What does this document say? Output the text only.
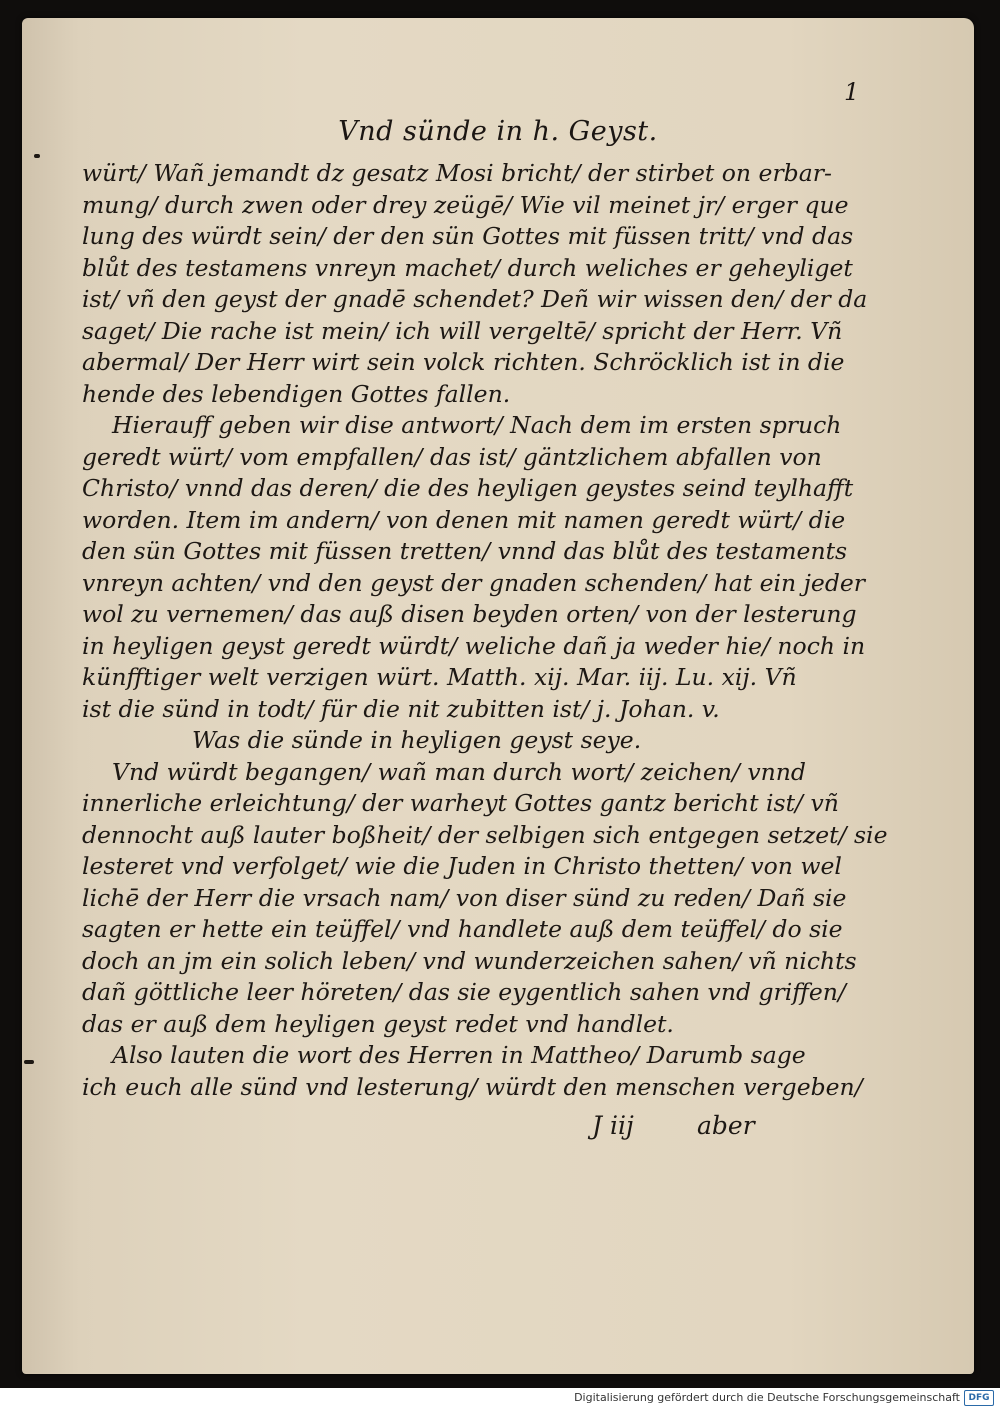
1
Vnd sünde in h. Geyst.
würt/ Wañ jemandt dz gesatz Mosi bricht/ der stirbet on erbar-
mung/ durch zwen oder drey zeügē/ Wie vil meinet jr/ erger que
lung des würdt sein/ der den sün Gottes mit füssen tritt/ vnd das
blůt des testamens vnreyn machet/ durch weliches er geheyliget
ist/ vñ den geyst der gnadē schendet? Deñ wir wissen den/ der da
saget/ Die rache ist mein/ ich will vergeltē/ spricht der Herr. Vñ
abermal/ Der Herr wirt sein volck richten. Schröcklich ist in die
hende des lebendigen Gottes fallen.
Hierauff geben wir dise antwort/ Nach dem im ersten spruch
geredt würt/ vom empfallen/ das ist/ gäntzlichem abfallen von
Christo/ vnnd das deren/ die des heyligen geystes seind teylhafft
worden. Item im andern/ von denen mit namen geredt würt/ die
den sün Gottes mit füssen tretten/ vnnd das blůt des testaments
vnreyn achten/ vnd den geyst der gnaden schenden/ hat ein jeder
wol zu vernemen/ das auß disen beyden orten/ von der lesterung
in heyligen geyst geredt würdt/ weliche dañ ja weder hie/ noch in
künfftiger welt verzigen würt. Matth. xij. Mar. iij. Lu. xij. Vñ
ist die sünd in todt/ für die nit zubitten ist/ j. Johan. v.
Was die sünde in heyligen geyst seye.
Vnd würdt begangen/ wañ man durch wort/ zeichen/ vnnd
innerliche erleichtung/ der warheyt Gottes gantz bericht ist/ vñ
dennocht auß lauter boßheit/ der selbigen sich entgegen setzet/ sie
lesteret vnd verfolget/ wie die Juden in Christo thetten/ von wel
lichē der Herr die vrsach nam/ von diser sünd zu reden/ Dañ sie
sagten er hette ein teüffel/ vnd handlete auß dem teüffel/ do sie
doch an jm ein solich leben/ vnd wunderzeichen sahen/ vñ nichts
dañ göttliche leer höreten/ das sie eygentlich sahen vnd griffen/
das er auß dem heyligen geyst redet vnd handlet.
Also lauten die wort des Herren in Mattheo/ Darumb sage
ich euch alle sünd vnd lesterung/ würdt den menschen vergeben/
J iij	aber
Digitalisierung gefördert durch die Deutsche Forschungsgemeinschaft DFG
